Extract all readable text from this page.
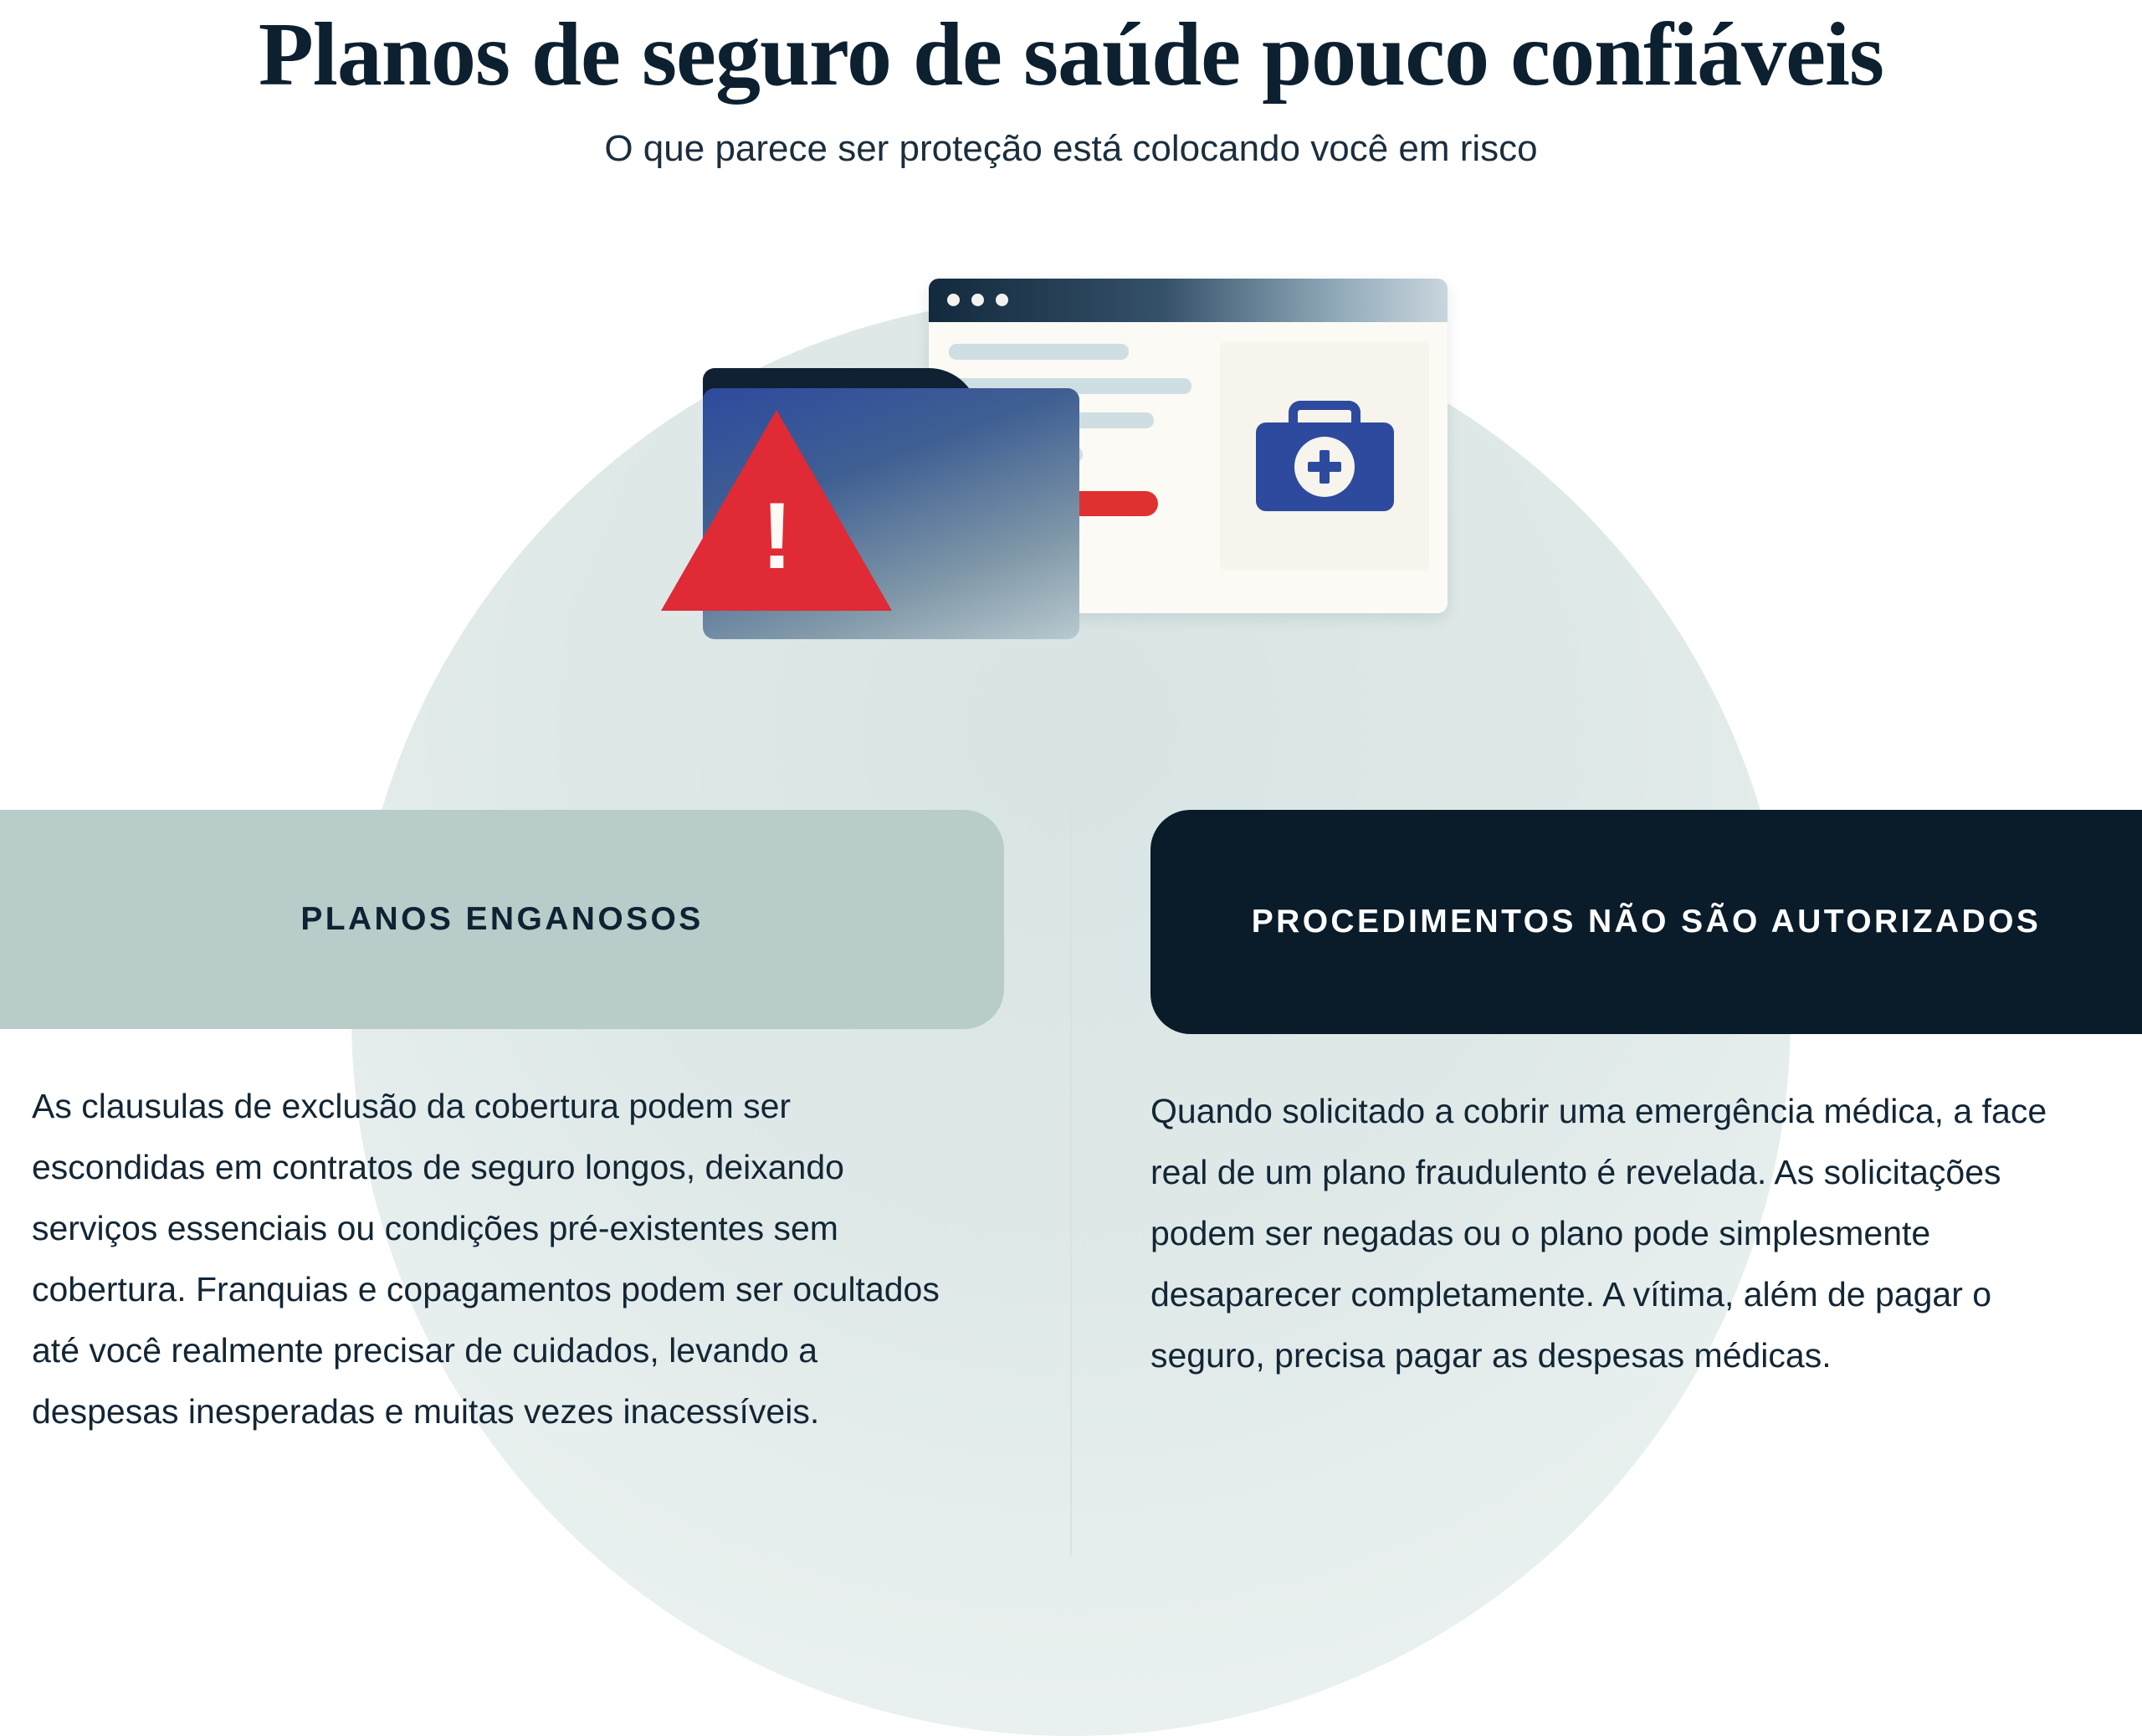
Planos de seguro de saúde pouco confiáveis

O que parece ser proteção está colocando você em risco

!
PLANOS ENGANOSOS
As clausulas de exclusão da cobertura podem ser escondidas em contratos de seguro longos, deixando serviços essenciais ou condições pré-existentes sem cobertura. Franquias e copagamentos podem ser ocultados até você realmente precisar de cuidados, levando a despesas inesperadas e muitas vezes inacessíveis.
PROCEDIMENTOS NÃO SÃO AUTORIZADOS
Quando solicitado a cobrir uma emergência médica, a face real de um plano fraudulento é revelada. As solicitações podem ser negadas ou o plano pode simplesmente desaparecer completamente. A vítima, além de pagar o seguro, precisa pagar as despesas médicas.
